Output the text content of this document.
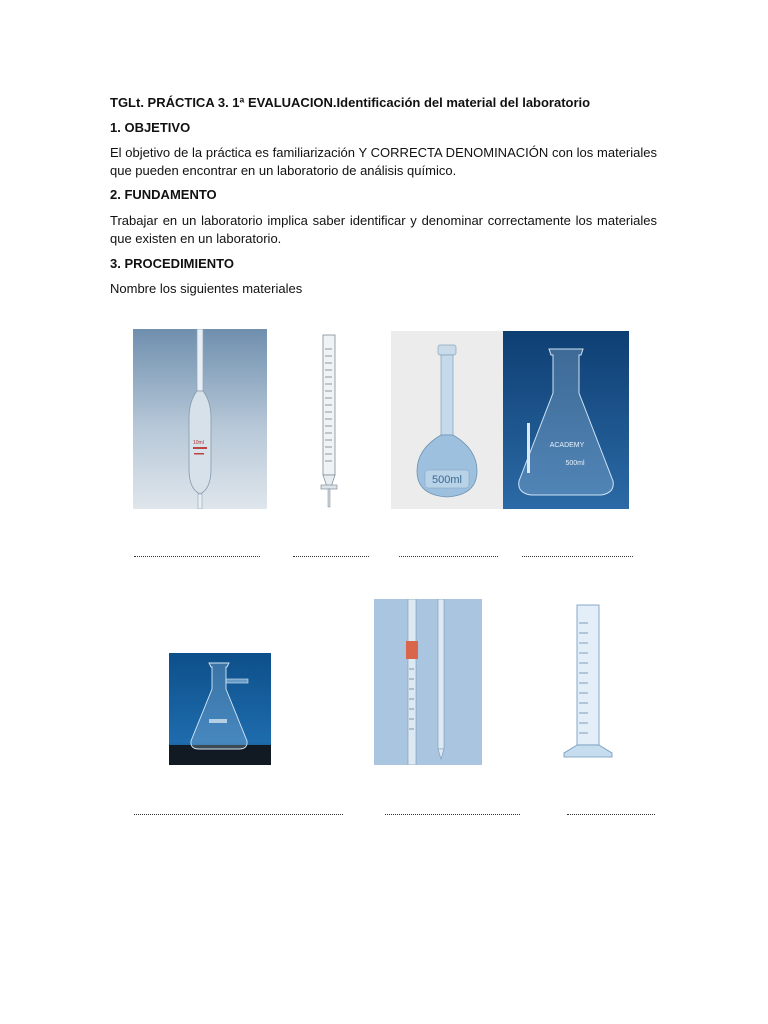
TGLt. PRÁCTICA 3. 1ª EVALUACION.Identificación del material del laboratorio
1. OBJETIVO
El objetivo de la práctica es familiarización Y CORRECTA DENOMINACIÓN con los materiales que pueden encontrar en un laboratorio de análisis químico.
2. FUNDAMENTO
Trabajar en un laboratorio implica saber identificar y denominar correctamente los materiales que existen en un laboratorio.
3. PROCEDIMIENTO
Nombre los siguientes materiales
10ml
500ml
ACADEMY
500ml
